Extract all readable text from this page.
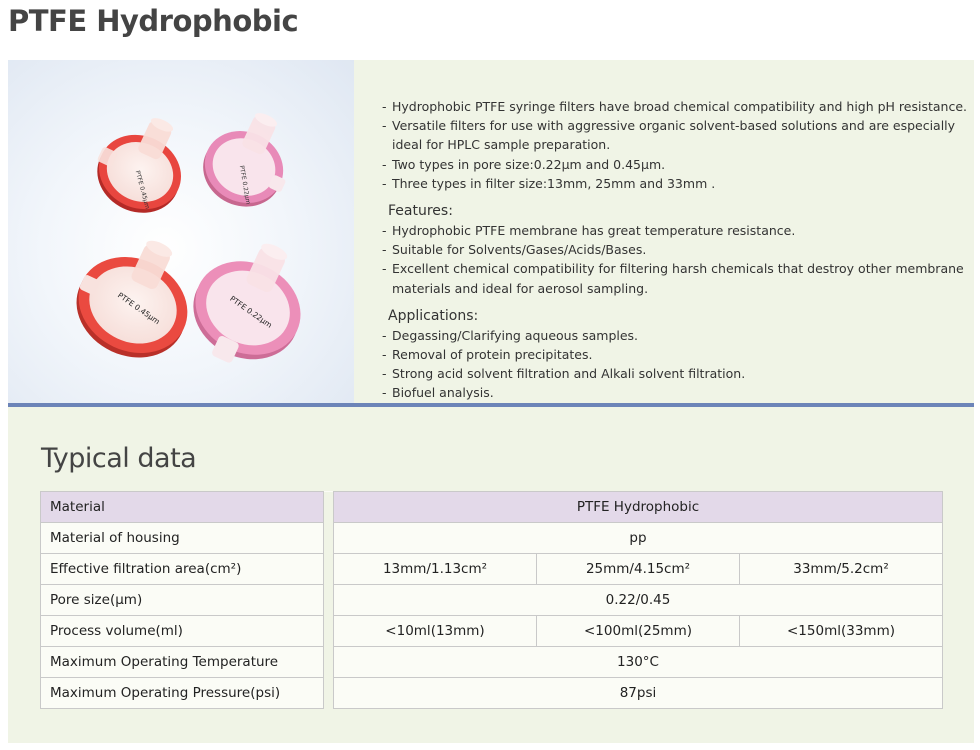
PTFE Hydrophobic
PTFE 0.45µm	PTFE 0.22µm
PTFE 0.45µm	PTFE 0.22µm
- Hydrophobic PTFE syringe filters have broad chemical compatibility and high pH resistance.
- Versatile filters for use with aggressive organic solvent-based solutions and are especially ideal for HPLC sample preparation.
- Two types in pore size:0.22μm and 0.45μm.
- Three types in filter size:13mm, 25mm and 33mm .
Features:
- Hydrophobic PTFE membrane has great temperature resistance.
- Suitable for Solvents/Gases/Acids/Bases.
- Excellent chemical compatibility for filtering harsh chemicals that destroy other membrane materials and ideal for aerosol sampling.
Applications:
- Degassing/Clarifying aqueous samples.
- Removal of protein precipitates.
- Strong acid solvent filtration and Alkali solvent filtration.
- Biofuel analysis.
Typical data
Material		PTFE Hydrophobic		
Material of housing		pp		
Effective filtration area(cm²)		13mm/1.13cm²	25mm/4.15cm²	33mm/5.2cm²
Pore size(μm)		0.22/0.45		
Process volume(ml)		<10ml(13mm)	<100ml(25mm)	<150ml(33mm)
Maximum Operating Temperature		130°C		
Maximum Operating Pressure(psi)		87psi		
